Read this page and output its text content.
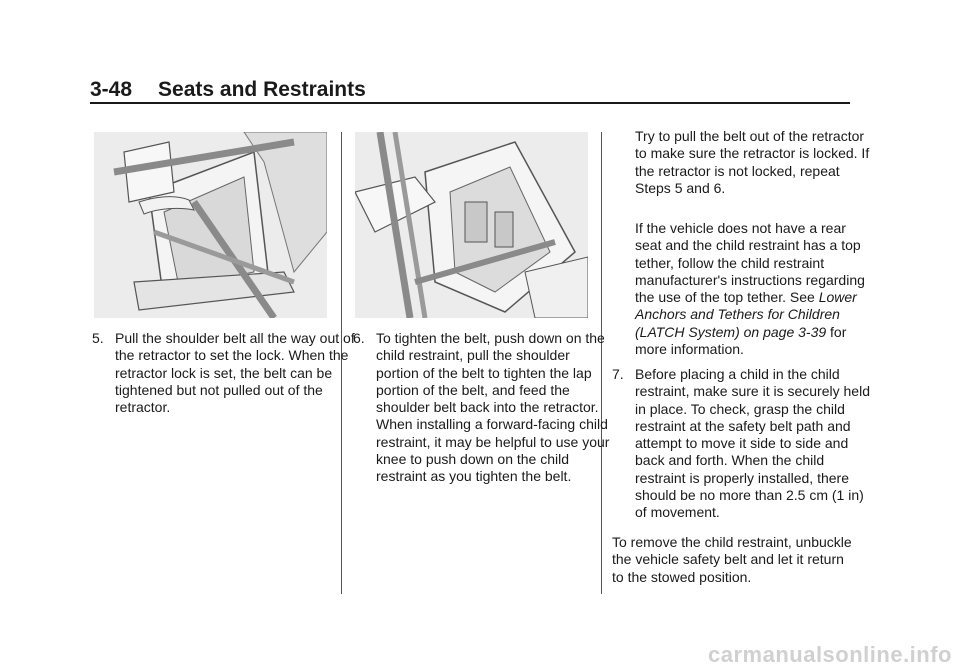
3-48 Seats and Restraints

5. Pull the shoulder belt all the way out of the retractor to set the lock. When the retractor lock is set, the belt can be tightened but not pulled out of the retractor.

6. To tighten the belt, push down on the child restraint, pull the shoulder portion of the belt to tighten the lap portion of the belt, and feed the shoulder belt back into the retractor. When installing a forward-facing child restraint, it may be helpful to use your knee to push down on the child restraint as you tighten the belt.

Try to pull the belt out of the retractor to make sure the retractor is locked. If the retractor is not locked, repeat Steps 5 and 6.

If the vehicle does not have a rear seat and the child restraint has a top tether, follow the child restraint manufacturer's instructions regarding the use of the top tether. See Lower Anchors and Tethers for Children (LATCH System) on page 3-39 for more information.

7. Before placing a child in the child restraint, make sure it is securely held in place. To check, grasp the child restraint at the safety belt path and attempt to move it side to side and back and forth. When the child restraint is properly installed, there should be no more than 2.5 cm (1 in) of movement.

To remove the child restraint, unbuckle the vehicle safety belt and let it return to the stowed position.

carmanualsonline.info
